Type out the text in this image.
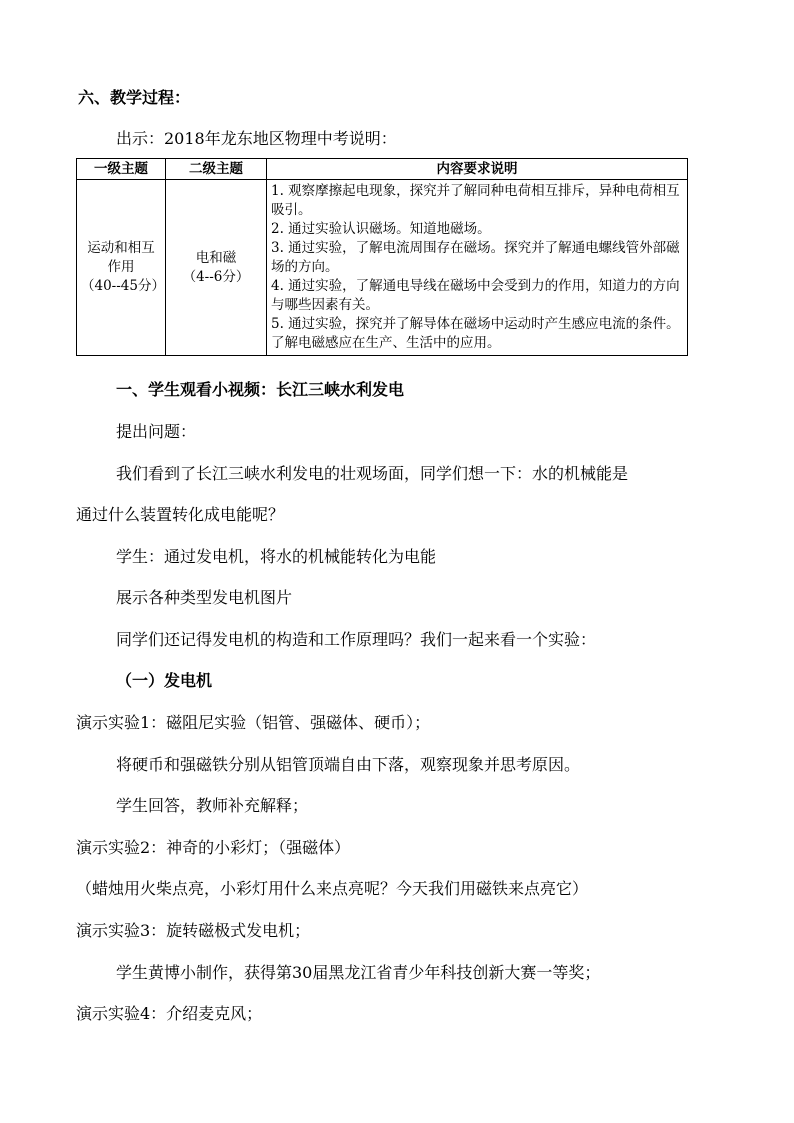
六、教学过程：
出示：2018年龙东地区物理中考说明：
一级主题	二级主题	内容要求说明

运动和相互
作用
（40--45分）	电和磁
（4--6分）	1. 观察摩擦起电现象，探究并了解同种电荷相互排斥，异种电荷相互吸引。
2. 通过实验认识磁场。知道地磁场。
3. 通过实验，了解电流周围存在磁场。探究并了解通电螺线管外部磁场的方向。
4. 通过实验，了解通电导线在磁场中会受到力的作用，知道力的方向与哪些因素有关。
5. 通过实验，探究并了解导体在磁场中运动时产生感应电流的条件。了解电磁感应在生产、生活中的应用。
一、学生观看小视频：长江三峡水利发电
提出问题：
我们看到了长江三峡水利发电的壮观场面，同学们想一下：水的机械能是
通过什么装置转化成电能呢？
学生：通过发电机，将水的机械能转化为电能
展示各种类型发电机图片
同学们还记得发电机的构造和工作原理吗？我们一起来看一个实验：
（一）发电机
演示实验1：磁阻尼实验（铝管、强磁体、硬币）；
将硬币和强磁铁分别从铝管顶端自由下落，观察现象并思考原因。
学生回答，教师补充解释；
演示实验2：神奇的小彩灯；（强磁体）
（蜡烛用火柴点亮，小彩灯用什么来点亮呢？今天我们用磁铁来点亮它）
演示实验3：旋转磁极式发电机；
学生黄博小制作，获得第30届黑龙江省青少年科技创新大赛一等奖；
演示实验4：介绍麦克风；
